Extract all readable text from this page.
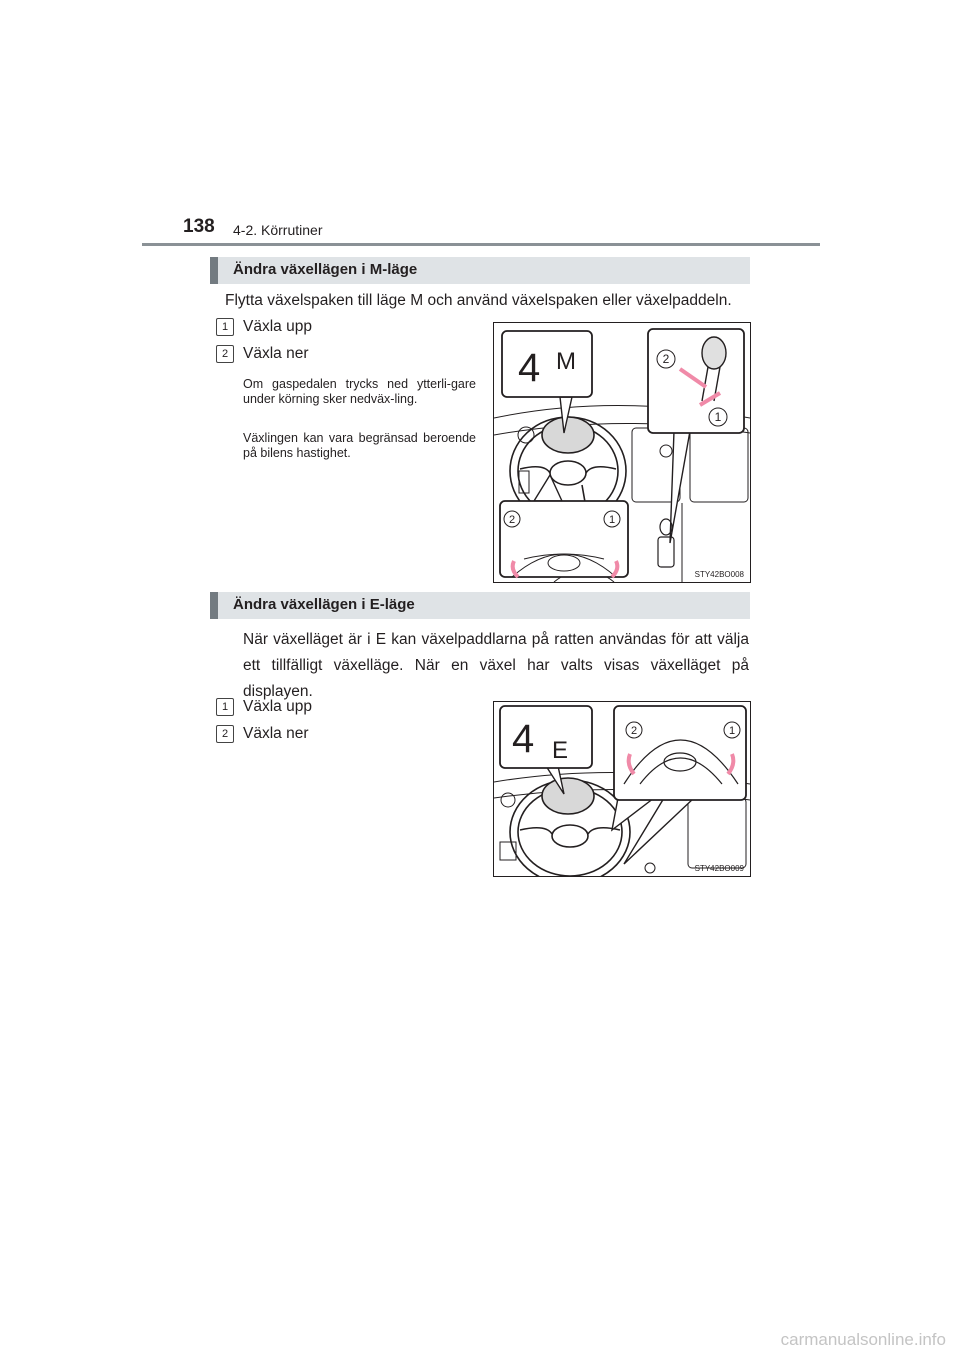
138 4-2. Körrutiner
Ändra växellägen i M-läge
Flytta växelspaken till läge M och använd växelspaken eller växelpaddeln.
1 Växla upp
2 Växla ner
Om gaspedalen trycks ned ytterli-gare under körning sker nedväx-ling.
Växlingen kan vara begränsad beroende på bilens hastighet.
4 M
2	1
2
1
STY42BO008
Ändra växellägen i E-läge
När växelläget är i E kan växelpaddlarna på ratten användas för att välja ett tillfälligt växelläge. När en växel har valts visas växelläget på displayen.
1 Växla upp
2 Växla ner	4 E
2	1
STY42BO009
carmanualsonline.info
